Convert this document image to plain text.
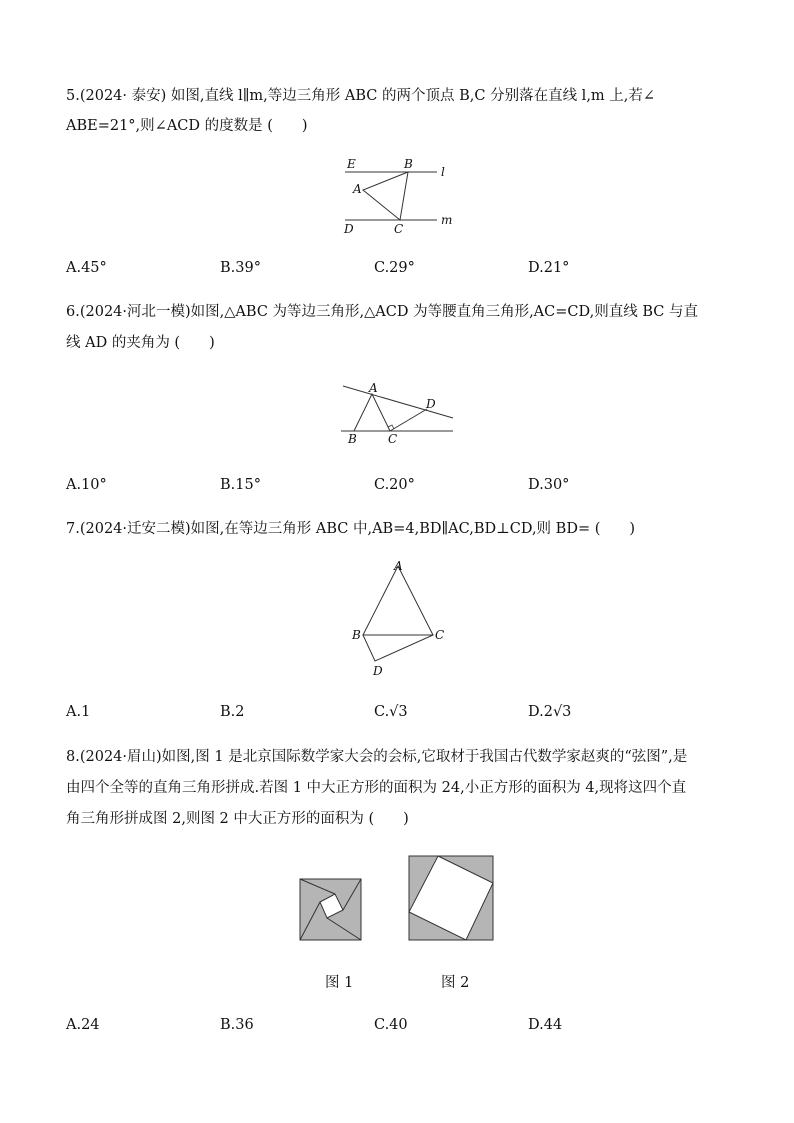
5.(2024· 泰安) 如图,直线 l∥m,等边三角形 ABC 的两个顶点 B,C 分别落在直线 l,m 上,若∠
ABE=21°,则∠ACD 的度数是 (　　)
E	B
l
A
D	C
m
A.45°	B.39°	C.29°	D.21°
6.(2024·河北一模)如图,△ABC 为等边三角形,△ACD 为等腰直角三角形,AC=CD,则直线 BC 与直
线 AD 的夹角为 (　　)
A
D
B	C
A.10°	B.15°	C.20°	D.30°
7.(2024·迁安二模)如图,在等边三角形 ABC 中,AB=4,BD∥AC,BD⊥CD,则 BD= (　　)
A
B	C
D
A.1	B.2	C.√3	D.2√3
8.(2024·眉山)如图,图 1 是北京国际数学家大会的会标,它取材于我国古代数学家赵爽的“弦图”,是
由四个全等的直角三角形拼成.若图 1 中大正方形的面积为 24,小正方形的面积为 4,现将这四个直
角三角形拼成图 2,则图 2 中大正方形的面积为 (　　)
图 1	图 2
A.24	B.36	C.40	D.44
